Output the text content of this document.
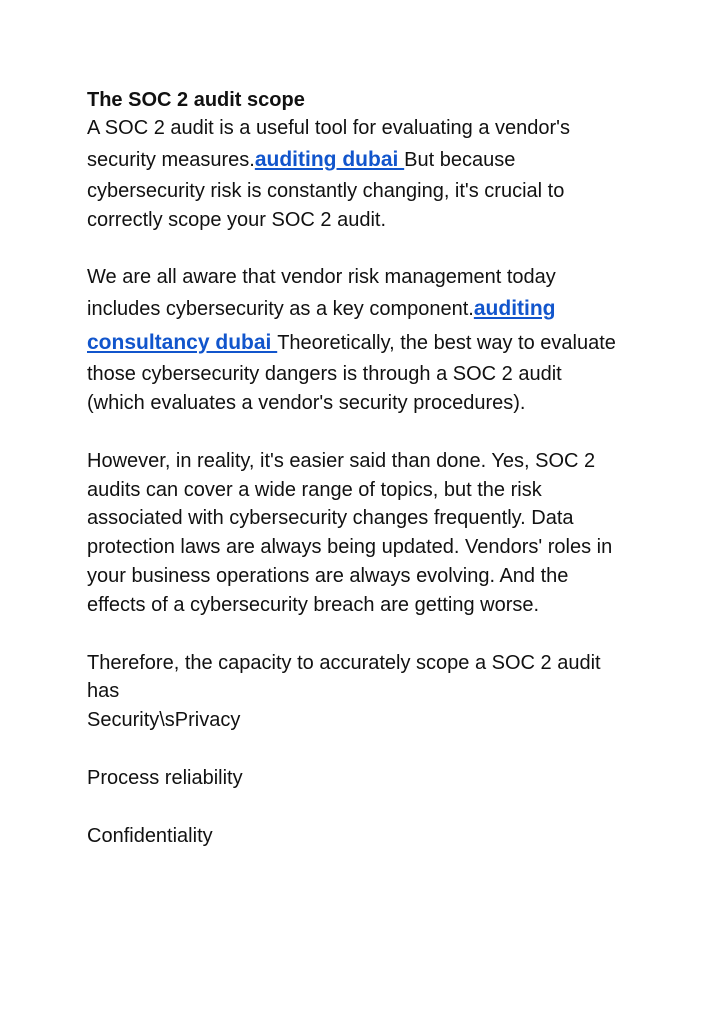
The SOC 2 audit scope

A SOC 2 audit is a useful tool for evaluating a vendor's security measures.auditing dubai But because cybersecurity risk is constantly changing, it's crucial to correctly scope your SOC 2 audit.

We are all aware that vendor risk management today includes cybersecurity as a key component.auditing consultancy dubai Theoretically, the best way to evaluate those cybersecurity dangers is through a SOC 2 audit (which evaluates a vendor's security procedures).

However, in reality, it's easier said than done. Yes, SOC 2 audits can cover a wide range of topics, but the risk associated with cybersecurity changes frequently. Data protection laws are always being updated. Vendors' roles in your business operations are always evolving. And the effects of a cybersecurity breach are getting worse.

Therefore, the capacity to accurately scope a SOC 2 audit has

Security\sPrivacy

Process reliability

Confidentiality
